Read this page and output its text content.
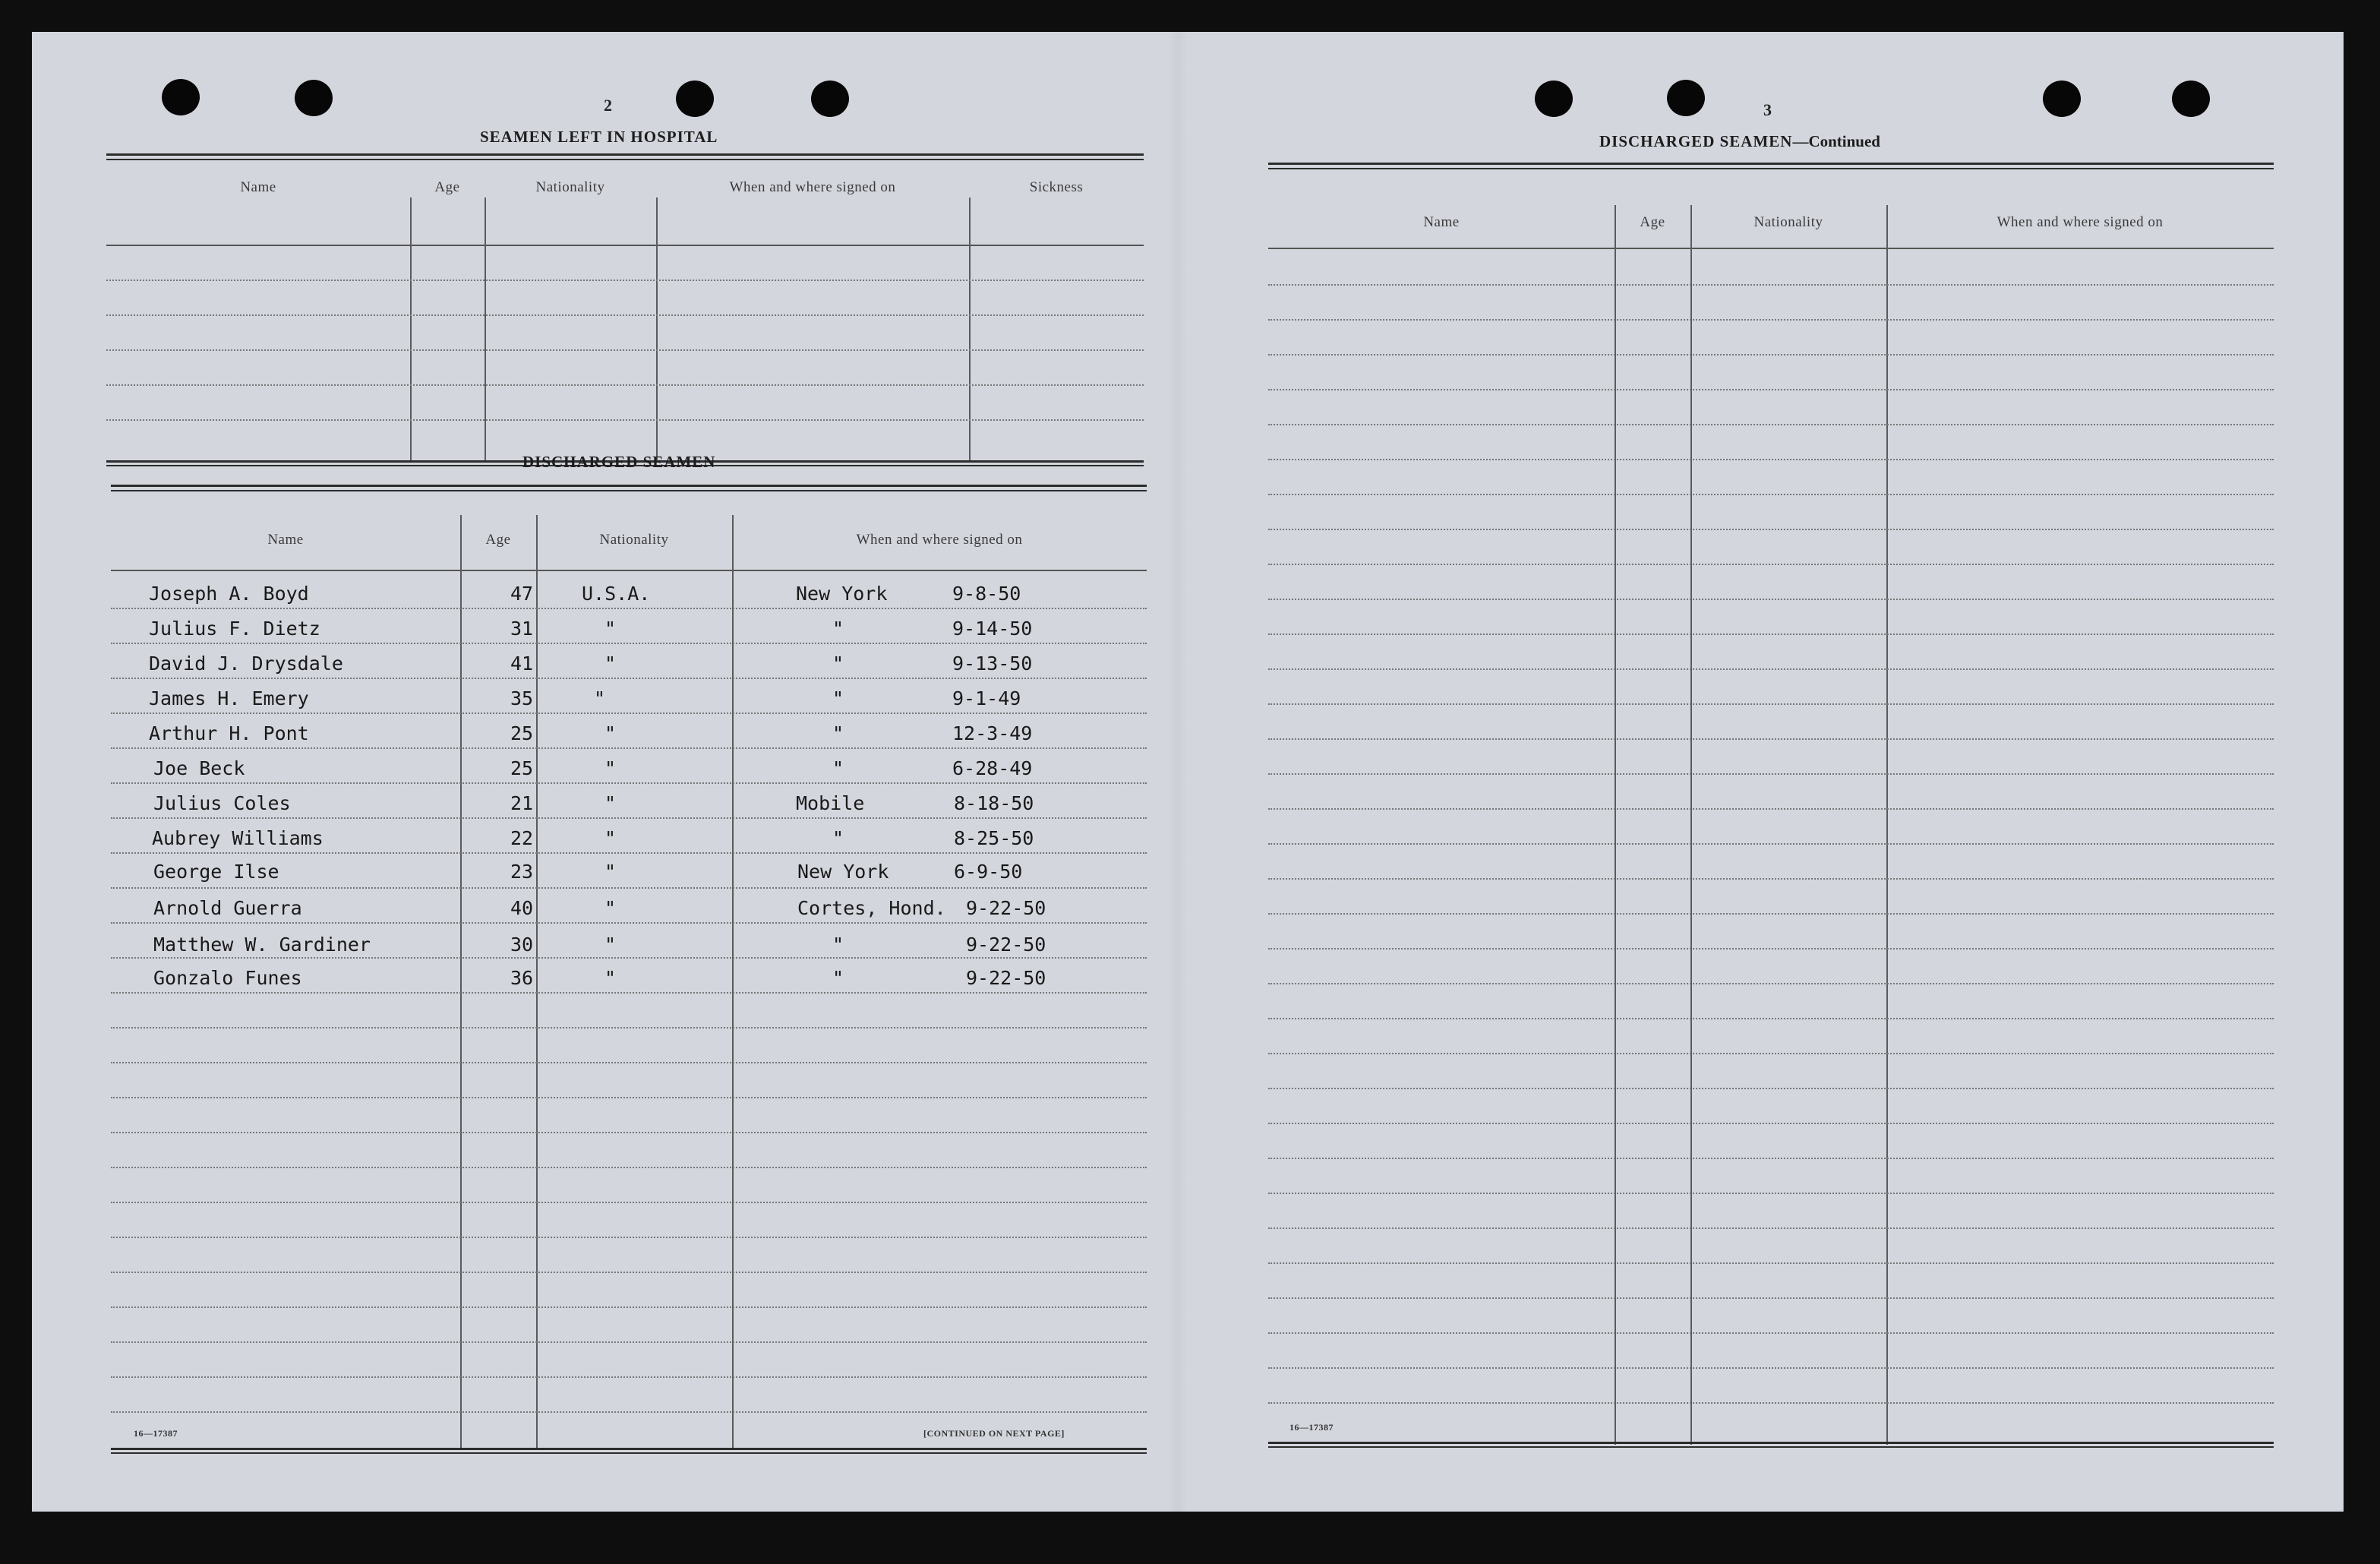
2
SEAMEN LEFT IN HOSPITAL
Name	Age	Nationality	When and where signed on	Sickness
DISCHARGED SEAMEN
Name	Age	Nationality	When and where signed on
Joseph A. Boyd	47	U.S.A.	New York	9-8-50
Julius F. Dietz	31	"	"	9-14-50
David J. Drysdale	41	"	"	9-13-50
James H. Emery	35	"	"	9-1-49
Arthur H. Pont	25	"	"	12-3-49
Joe Beck	25	"	"	6-28-49
Julius Coles	21	"	Mobile	8-18-50
Aubrey Williams	22	"	"	8-25-50
George Ilse	23	"	New York	6-9-50
Arnold Guerra	40	"	Cortes, Hond. 9-22-50
Matthew W. Gardiner	30	"	"	9-22-50
Gonzalo Funes	36	"	"	9-22-50
16—17387	[CONTINUED ON NEXT PAGE]
3
DISCHARGED SEAMEN—Continued
Name	Age	Nationality	When and where signed on
16—17387
